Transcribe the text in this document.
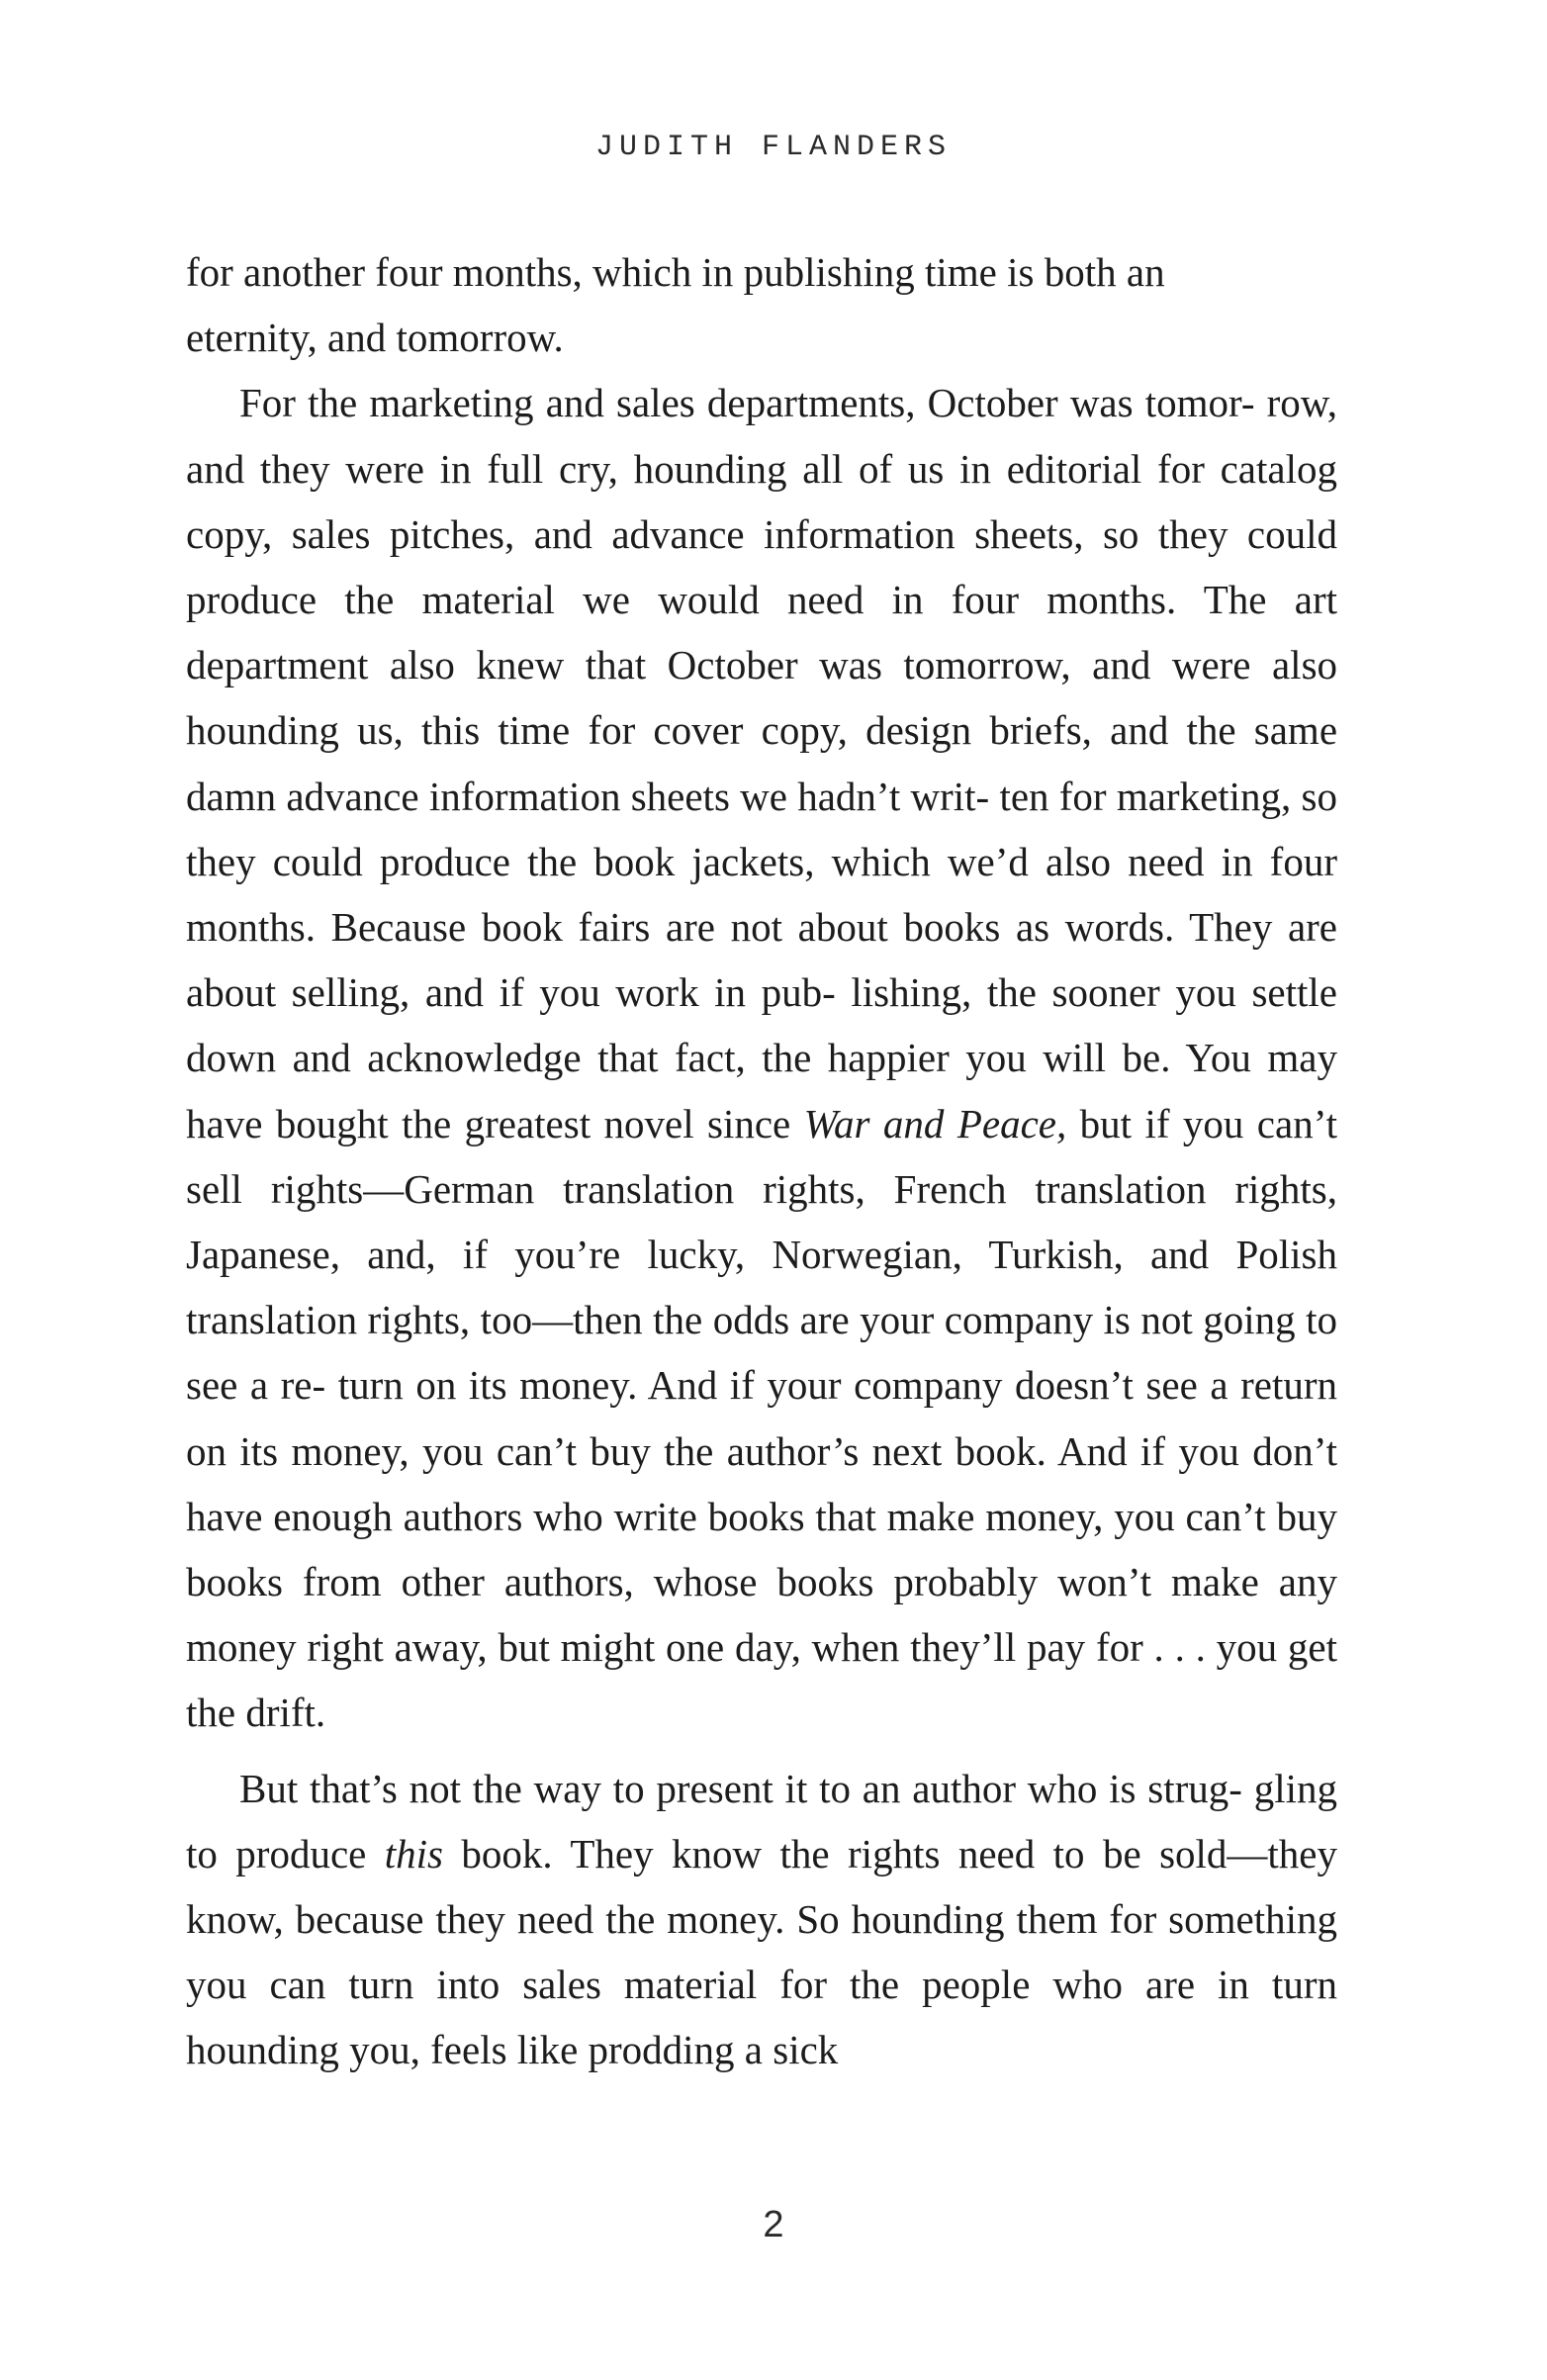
JUDITH FLANDERS

for another four months, which in publishing time is both an
eternity, and tomorrow.

For the marketing and sales departments, October was tomor- row, and they were in full cry, hounding all of us in editorial for catalog copy, sales pitches, and advance information sheets, so they could produce the material we would need in four months. The art department also knew that October was tomorrow, and were also hounding us, this time for cover copy, design briefs, and the same damn advance information sheets we hadn’t writ- ten for marketing, so they could produce the book jackets, which we’d also need in four months. Because book fairs are not about books as words. They are about selling, and if you work in pub- lishing, the sooner you settle down and acknowledge that fact, the happier you will be. You may have bought the greatest novel since War and Peace, but if you can’t sell rights—German translation rights, French translation rights, Japanese, and, if you’re lucky, Norwegian, Turkish, and Polish translation rights, too—then the odds are your company is not going to see a re- turn on its money. And if your company doesn’t see a return on its money, you can’t buy the author’s next book. And if you don’t have enough authors who write books that make money, you can’t buy books from other authors, whose books probably won’t make any money right away, but might one day, when they’ll pay for . . . you get the drift.

But that’s not the way to present it to an author who is strug- gling to produce this book. They know the rights need to be sold—they know, because they need the money. So hounding them for something you can turn into sales material for the people who are in turn hounding you, feels like prodding a sick

2
